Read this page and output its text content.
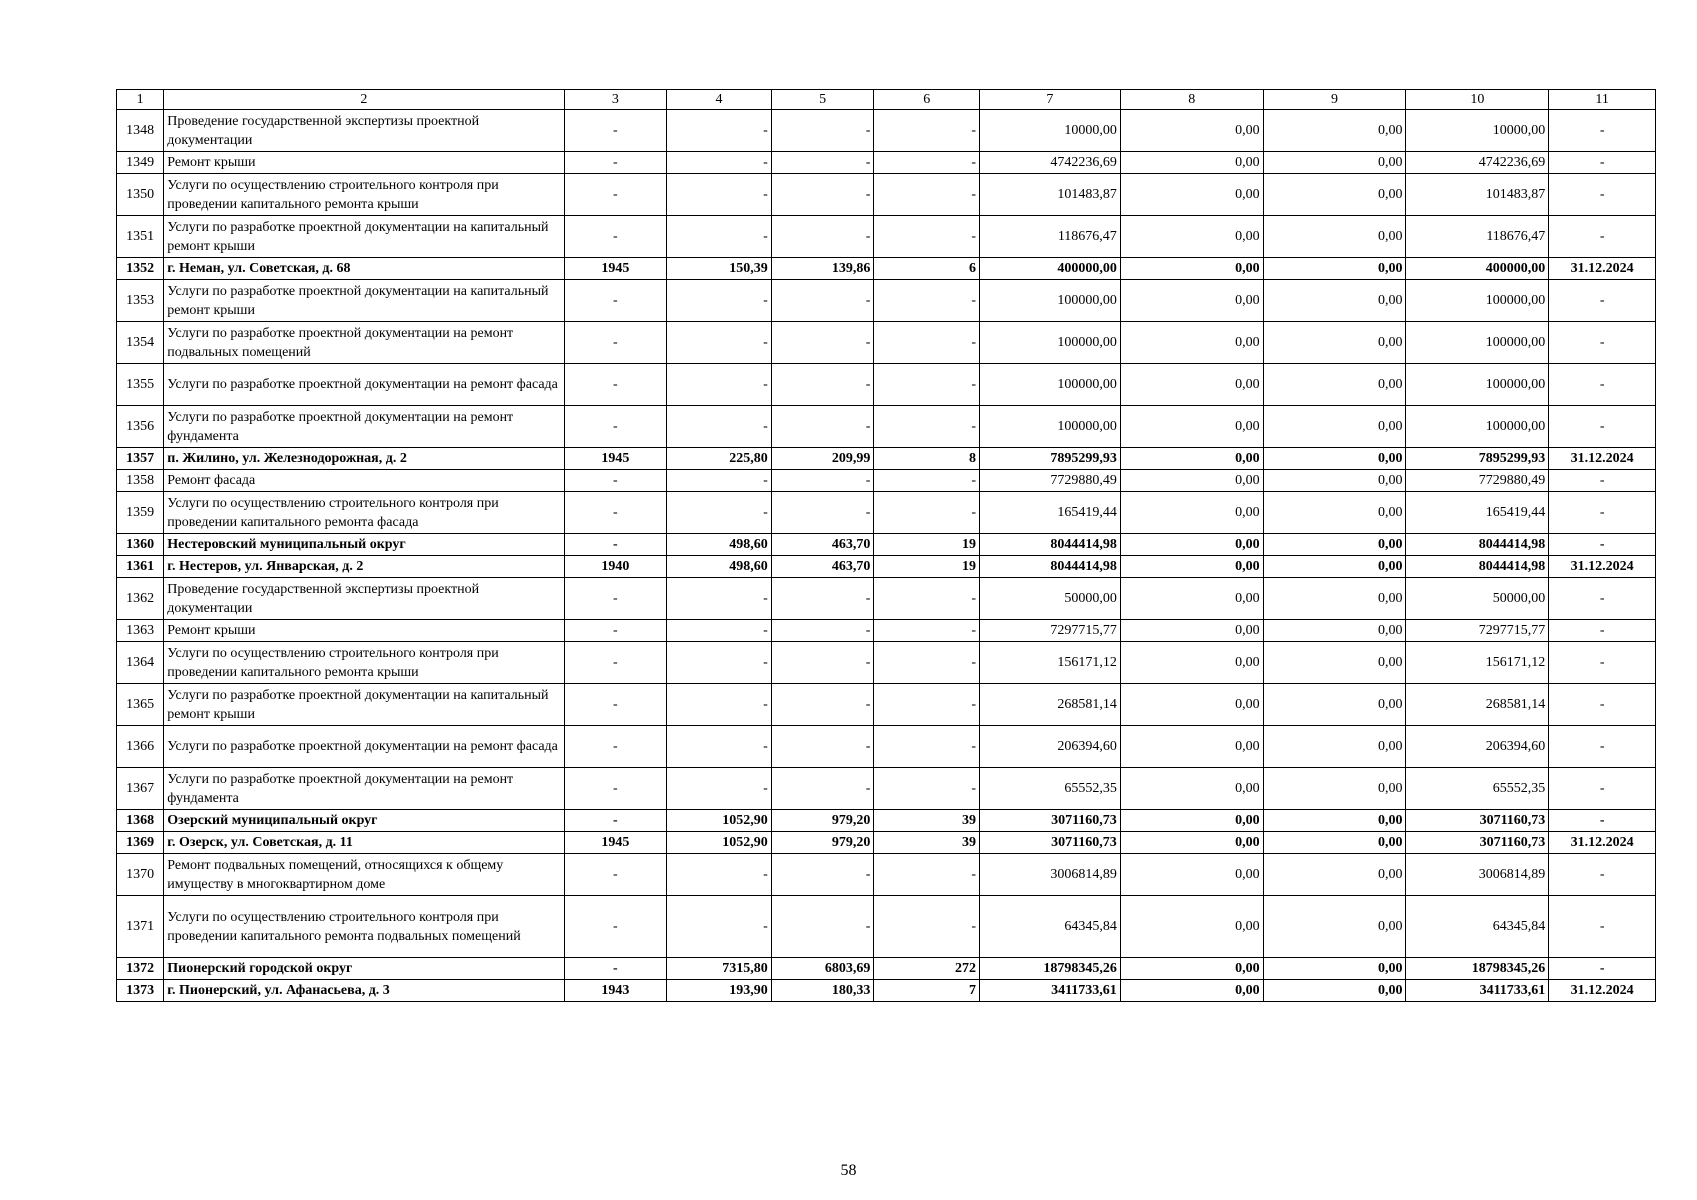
1	2	3	4	5	6	7	8	9	10	11
1348	Проведение государственной экспертизы проектной документации	-	-	-	-	10000,00	0,00	0,00	10000,00	-
1349	Ремонт крыши	-	-	-	-	4742236,69	0,00	0,00	4742236,69	-
1350	Услуги по осуществлению строительного контроля при проведении капитального ремонта крыши	-	-	-	-	101483,87	0,00	0,00	101483,87	-
1351	Услуги по разработке проектной документации на капитальный ремонт крыши	-	-	-	-	118676,47	0,00	0,00	118676,47	-
1352	г. Неман, ул. Советская, д. 68	1945	150,39	139,86	6	400000,00	0,00	0,00	400000,00	31.12.2024
1353	Услуги по разработке проектной документации на капитальный ремонт крыши	-	-	-	-	100000,00	0,00	0,00	100000,00	-
1354	Услуги по разработке проектной документации на ремонт подвальных помещений	-	-	-	-	100000,00	0,00	0,00	100000,00	-
1355	Услуги по разработке проектной документации на ремонт фасада	-	-	-	-	100000,00	0,00	0,00	100000,00	-
1356	Услуги по разработке проектной документации на ремонт фундамента	-	-	-	-	100000,00	0,00	0,00	100000,00	-
1357	п. Жилино, ул. Железнодорожная, д. 2	1945	225,80	209,99	8	7895299,93	0,00	0,00	7895299,93	31.12.2024
1358	Ремонт фасада	-	-	-	-	7729880,49	0,00	0,00	7729880,49	-
1359	Услуги по осуществлению строительного контроля при проведении капитального ремонта фасада	-	-	-	-	165419,44	0,00	0,00	165419,44	-
1360	Нестеровский муниципальный округ	-	498,60	463,70	19	8044414,98	0,00	0,00	8044414,98	-
1361	г. Нестеров, ул. Январская, д. 2	1940	498,60	463,70	19	8044414,98	0,00	0,00	8044414,98	31.12.2024
1362	Проведение государственной экспертизы проектной документации	-	-	-	-	50000,00	0,00	0,00	50000,00	-
1363	Ремонт крыши	-	-	-	-	7297715,77	0,00	0,00	7297715,77	-
1364	Услуги по осуществлению строительного контроля при проведении капитального ремонта крыши	-	-	-	-	156171,12	0,00	0,00	156171,12	-
1365	Услуги по разработке проектной документации на капитальный ремонт крыши	-	-	-	-	268581,14	0,00	0,00	268581,14	-
1366	Услуги по разработке проектной документации на ремонт фасада	-	-	-	-	206394,60	0,00	0,00	206394,60	-
1367	Услуги по разработке проектной документации на ремонт фундамента	-	-	-	-	65552,35	0,00	0,00	65552,35	-
1368	Озерский муниципальный округ	-	1052,90	979,20	39	3071160,73	0,00	0,00	3071160,73	-
1369	г. Озерск, ул. Советская, д. 11	1945	1052,90	979,20	39	3071160,73	0,00	0,00	3071160,73	31.12.2024
1370	Ремонт подвальных помещений, относящихся к общему имуществу в многоквартирном доме	-	-	-	-	3006814,89	0,00	0,00	3006814,89	-
1371	Услуги по осуществлению строительного контроля при проведении капитального ремонта подвальных помещений	-	-	-	-	64345,84	0,00	0,00	64345,84	-
1372	Пионерский городской округ	-	7315,80	6803,69	272	18798345,26	0,00	0,00	18798345,26	-
1373	г. Пионерский, ул. Афанасьева, д. 3	1943	193,90	180,33	7	3411733,61	0,00	0,00	3411733,61	31.12.2024
58
